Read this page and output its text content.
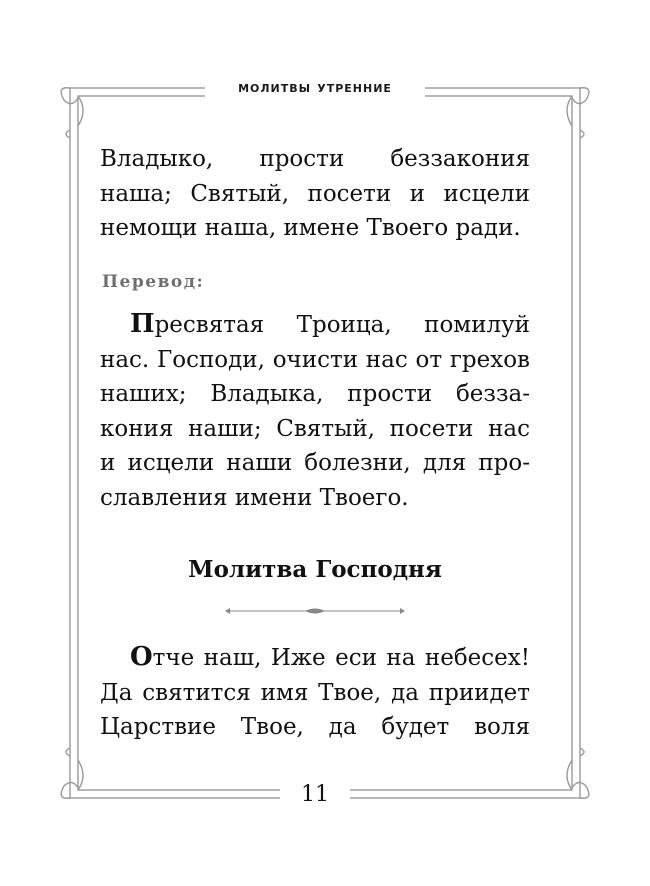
молитвы утренние
Владыко, прости беззакония
наша; Святый, посети и исцели
немощи наша, имене Твоего ради.
Перевод:
Пресвятая Троица, помилуй
нас. Господи, очисти нас от грехов
наших; Владыка, прости безза-
кония наши; Святый, посети нас
и исцели наши болезни, для про-
славления имени Твоего.
Молитва Господня
Отче наш, Иже еси на небесех!
Да святится имя Твое, да приидет
Царствие Твое, да будет воля
11
